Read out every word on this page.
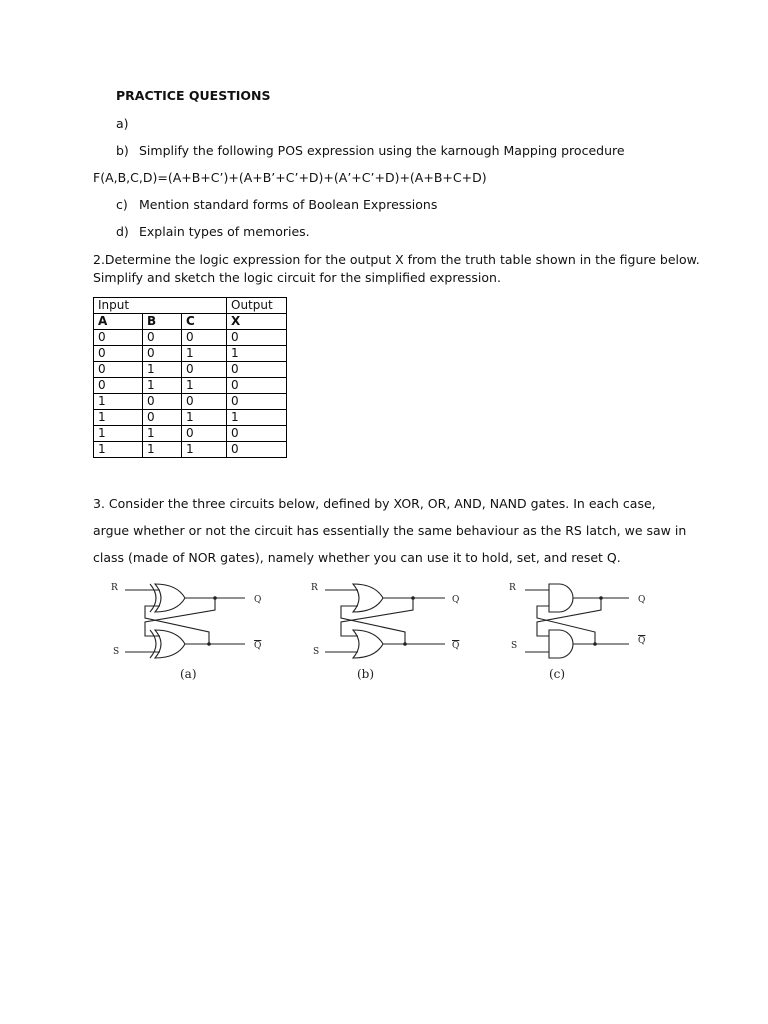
PRACTICE QUESTIONS
a)
b) Simplify the following POS expression using the karnough Mapping procedure
F(A,B,C,D)=(A+B+C’)+(A+B’+C’+D)+(A’+C’+D)+(A+B+C+D)
c) Mention standard forms of Boolean Expressions
d) Explain types of memories.
2.Determine the logic expression for the output X from the truth table shown in the figure below.
Simplify and sketch the logic circuit for the simplified expression.
Input			Output
A	B	C	X
0	0	0	0
0	0	1	1
0	1	0	0
0	1	1	0
1	0	0	0
1	0	1	1
1	1	0	0
1	1	1	0
3. Consider the three circuits below, defined by XOR, OR, AND, NAND gates. In each case,
argue whether or not the circuit has essentially the same behaviour as the RS latch, we saw in
class (made of NOR gates), namely whether you can use it to hold, set, and reset Q.
R
S
Q
$\overline{Q}$
(a)
R
S
Q
$\overline{Q}$
(b)
R
S
Q
$\overline{Q}$
(c)
